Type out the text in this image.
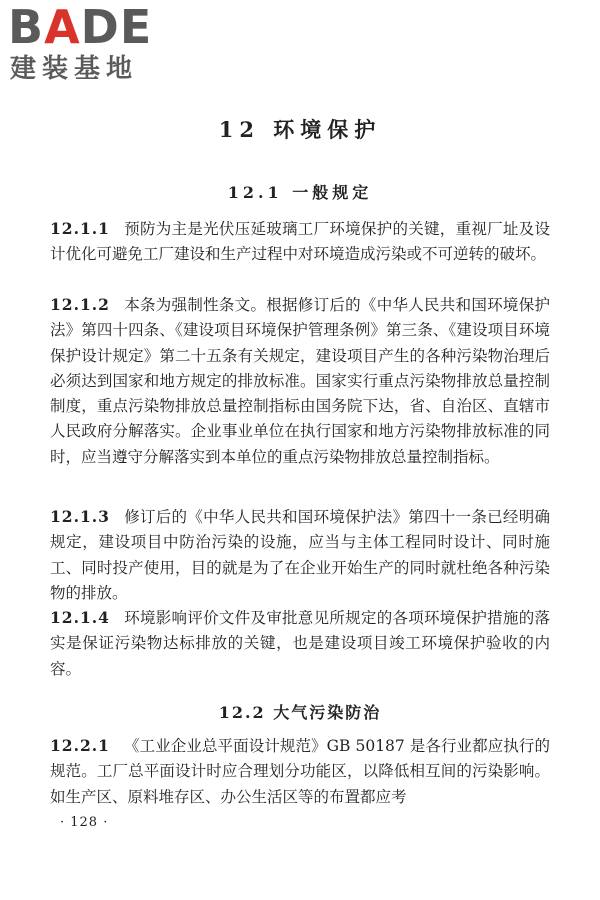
BADE
建装基地
12 环境保护
12.1 一般规定

12.1.1 预防为主是光伏压延玻璃工厂环境保护的关键，重视厂址及设计优化可避免工厂建设和生产过程中对环境造成污染或不可逆转的破坏。

12.1.2 本条为强制性条文。根据修订后的《中华人民共和国环境保护法》第四十四条、《建设项目环境保护管理条例》第三条、《建设项目环境保护设计规定》第二十五条有关规定，建设项目产生的各种污染物治理后必须达到国家和地方规定的排放标准。国家实行重点污染物排放总量控制制度，重点污染物排放总量控制指标由国务院下达，省、自治区、直辖市人民政府分解落实。企业事业单位在执行国家和地方污染物排放标准的同时，应当遵守分解落实到本单位的重点污染物排放总量控制指标。

12.1.3 修订后的《中华人民共和国环境保护法》第四十一条已经明确规定，建设项目中防治污染的设施，应当与主体工程同时设计、同时施工、同时投产使用，目的就是为了在企业开始生产的同时就杜绝各种污染物的排放。

12.1.4 环境影响评价文件及审批意见所规定的各项环境保护措施的落实是保证污染物达标排放的关键，也是建设项目竣工环境保护验收的内容。

12.2 大气污染防治

12.2.1 《工业企业总平面设计规范》GB 50187 是各行业都应执行的规范。工厂总平面设计时应合理划分功能区，以降低相互间的污染影响。如生产区、原料堆存区、办公生活区等的布置都应考

· 128 ·
